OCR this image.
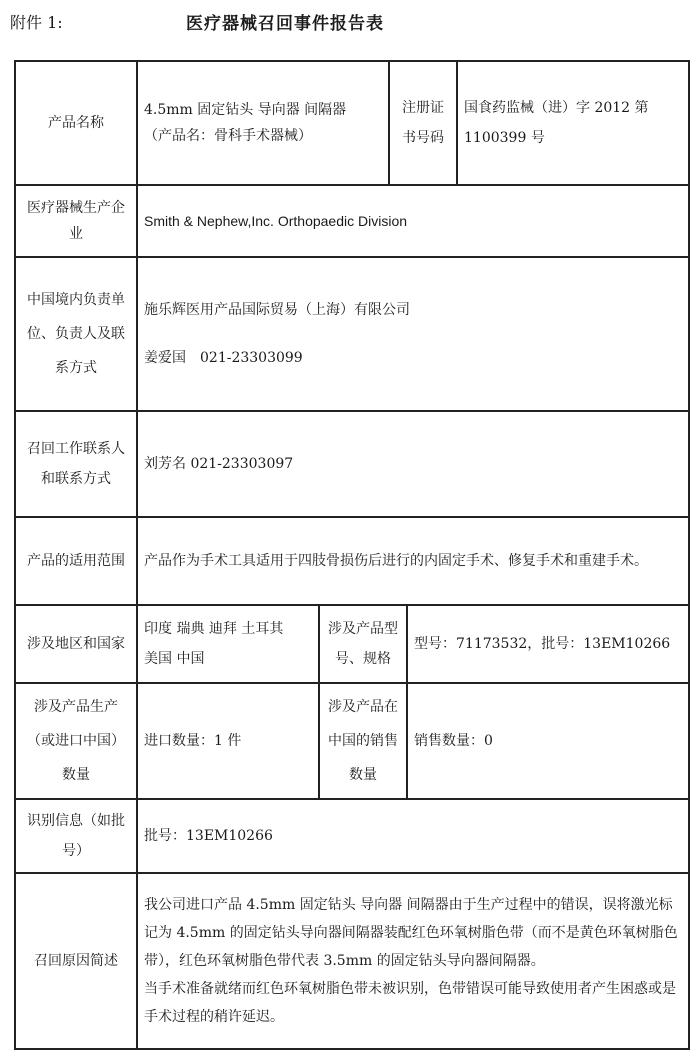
附件 1:	医疗器械召回事件报告表
产品名称	4.5mm 固定钻头 导向器 间隔器
（产品名：骨科手术器械）		注册证书号码		国食药监械（进）字 2012 第 1100399 号
医疗器械生产企业	Smith & Nephew,Inc. Orthopaedic Division				
中国境内负责单位、负责人及联系方式	施乐辉医用产品国际贸易（上海）有限公司
姜爱国　021-23303099				

召回工作联系人和联系方式	刘芳名 021-23303097				
产品的适用范围	产品作为手术工具适用于四肢骨损伤后进行的内固定手术、修复手术和重建手术。				
涉及地区和国家	印度 瑞典 迪拜 土耳其
美国 中国	涉及产品型号、规格		型号：71173532，批号：13EM10266	
涉及产品生产（或进口中国）数量	进口数量：1 件	涉及产品在中国的销售数量		销售数量：0	
识别信息（如批号）	批号：13EM10266				
召回原因简述	我公司进口产品 4.5mm 固定钻头 导向器 间隔器由于生产过程中的错误，误将激光标记为 4.5mm 的固定钻头导向器间隔器装配红色环氧树脂色带（而不是黄色环氧树脂色带），红色环氧树脂色带代表 3.5mm 的固定钻头导向器间隔器。
当手术准备就绪而红色环氧树脂色带未被识别，色带错误可能导致使用者产生困惑或是手术过程的稍许延迟。				
